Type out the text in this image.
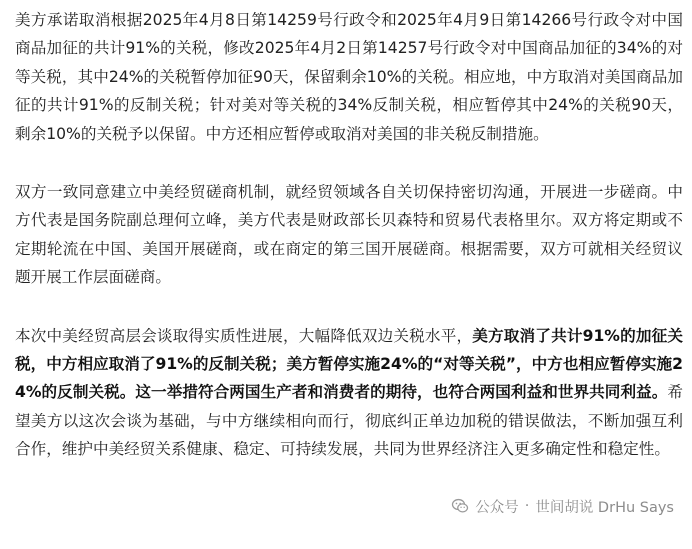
美方承诺取消根据2025年4月8日第14259号行政令和2025年4月9日第14266号行政令对中国商品加征的共计91%的关税，修改2025年4月2日第14257号行政令对中国商品加征的34%的对等关税，其中24%的关税暂停加征90天，保留剩余10%的关税。相应地，中方取消对美国商品加征的共计91%的反制关税；针对美对等关税的34%反制关税，相应暂停其中24%的关税90天，剩余10%的关税予以保留。中方还相应暂停或取消对美国的非关税反制措施。

双方一致同意建立中美经贸磋商机制，就经贸领域各自关切保持密切沟通，开展进一步磋商。中方代表是国务院副总理何立峰，美方代表是财政部长贝森特和贸易代表格里尔。双方将定期或不定期轮流在中国、美国开展磋商，或在商定的第三国开展磋商。根据需要，双方可就相关经贸议题开展工作层面磋商。

本次中美经贸高层会谈取得实质性进展，大幅降低双边关税水平，美方取消了共计91%的加征关税，中方相应取消了91%的反制关税；美方暂停实施24%的“对等关税”，中方也相应暂停实施24%的反制关税。这一举措符合两国生产者和消费者的期待，也符合两国利益和世界共同利益。希望美方以这次会谈为基础，与中方继续相向而行，彻底纠正单边加税的错误做法，不断加强互利合作，维护中美经贸关系健康、稳定、可持续发展，共同为世界经济注入更多确定性和稳定性。

公众号 · 世间胡说 DrHu Says
